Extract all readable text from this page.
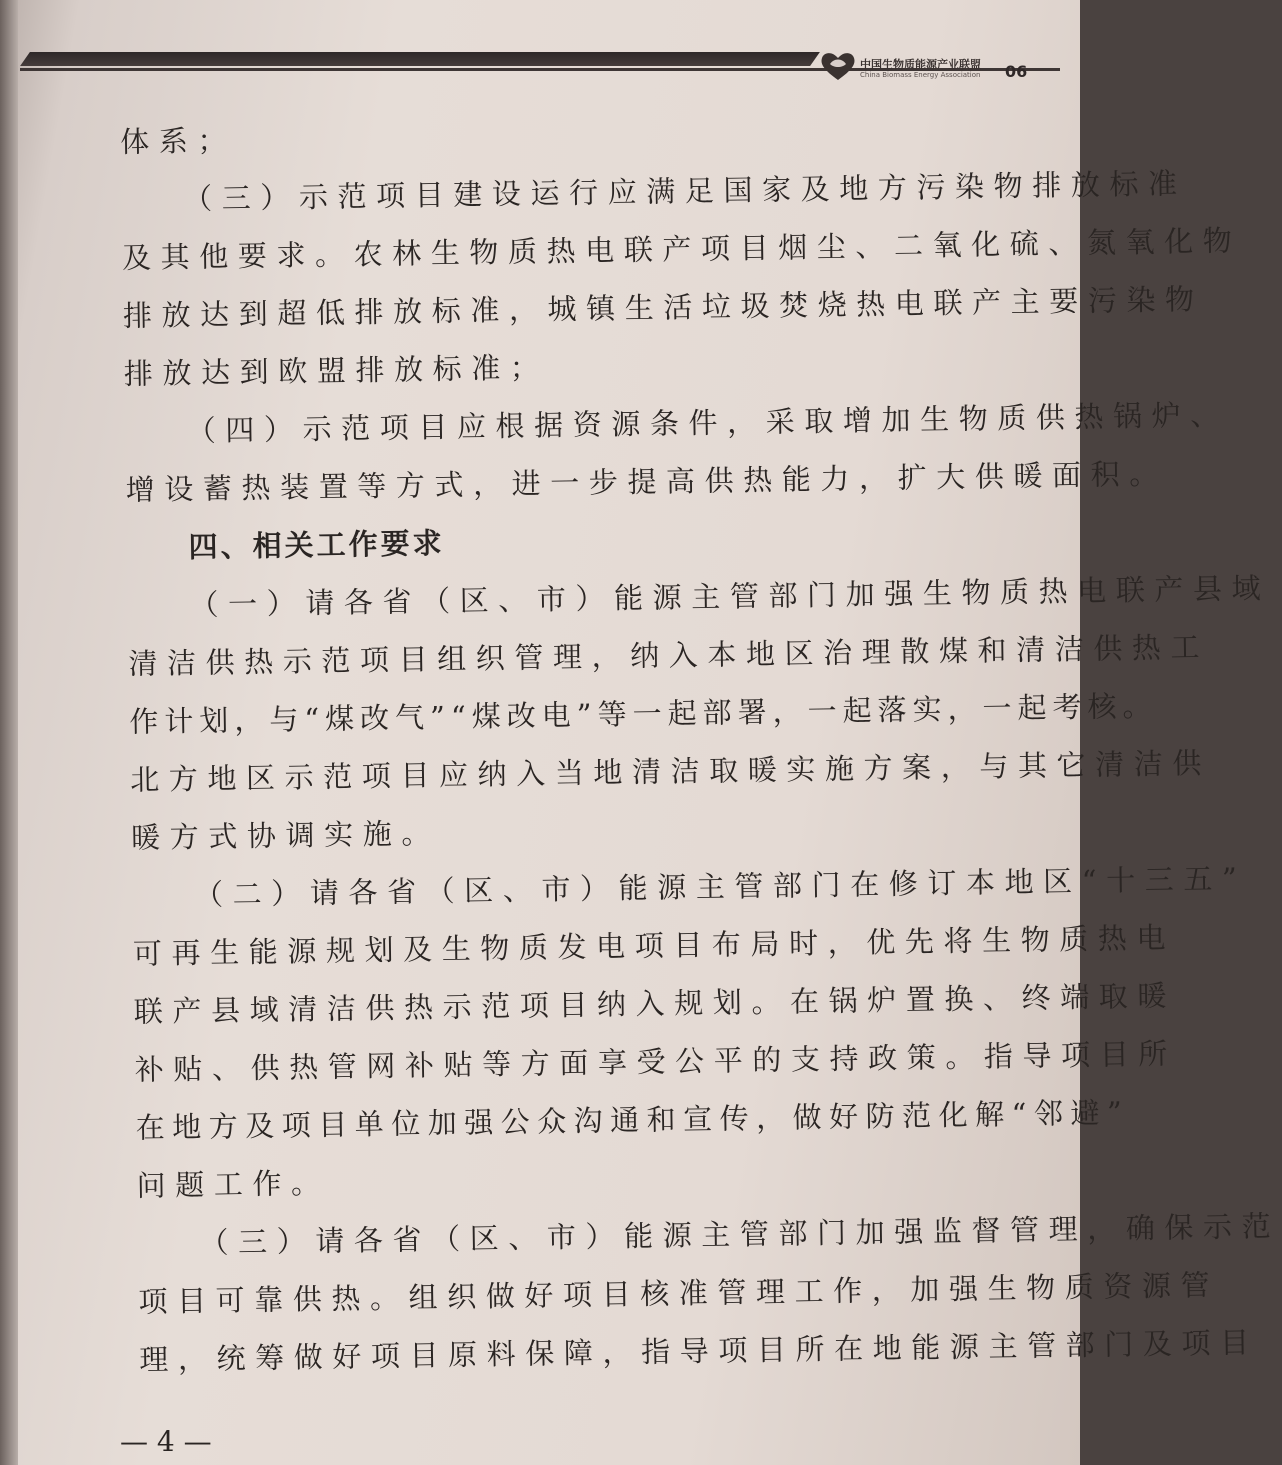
中国生物质能源产业联盟
China Biomass Energy Association 06
体系；
（三）示范项目建设运行应满足国家及地方污染物排放标准
及其他要求。农林生物质热电联产项目烟尘、二氧化硫、氮氧化物
排放达到超低排放标准，城镇生活垃圾焚烧热电联产主要污染物
排放达到欧盟排放标准；
（四）示范项目应根据资源条件，采取增加生物质供热锅炉、
增设蓄热装置等方式，进一步提高供热能力，扩大供暖面积。
四、相关工作要求
（一）请各省（区、市）能源主管部门加强生物质热电联产县域
清洁供热示范项目组织管理，纳入本地区治理散煤和清洁供热工
作计划，与“煤改气”“煤改电”等一起部署，一起落实，一起考核。
北方地区示范项目应纳入当地清洁取暖实施方案，与其它清洁供
暖方式协调实施。
（二）请各省（区、市）能源主管部门在修订本地区“十三五”
可再生能源规划及生物质发电项目布局时，优先将生物质热电
联产县域清洁供热示范项目纳入规划。在锅炉置换、终端取暖
补贴、供热管网补贴等方面享受公平的支持政策。指导项目所
在地方及项目单位加强公众沟通和宣传，做好防范化解“邻避”
问题工作。
（三）请各省（区、市）能源主管部门加强监督管理，确保示范
项目可靠供热。组织做好项目核准管理工作，加强生物质资源管
理，统筹做好项目原料保障，指导项目所在地能源主管部门及项目
— 4 —
